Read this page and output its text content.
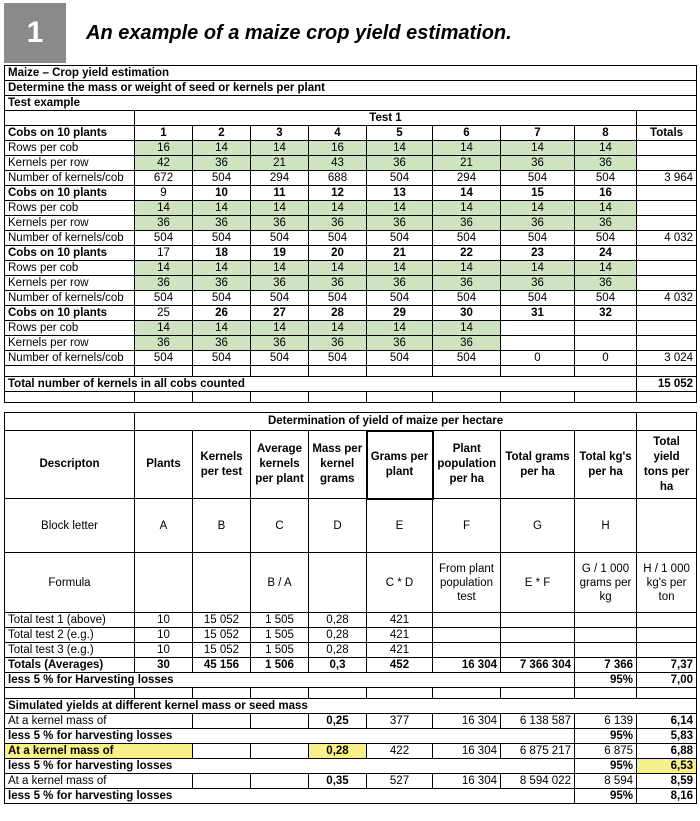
1	An example of a maize crop yield estimation.
Maize – Crop yield estimation									
Determine the mass or weight of seed or kernels per plant									
Test example									
	Test 1								
Cobs on 10 plants	1	2	3	4	5	6	7	8	Totals
Rows per cob	16	14	14	16	14	14	14	14	
Kernels per row	42	36	21	43	36	21	36	36	
Number of kernels/cob	672	504	294	688	504	294	504	504	3 964
Cobs on 10 plants	9	10	11	12	13	14	15	16	
Rows per cob	14	14	14	14	14	14	14	14	
Kernels per row	36	36	36	36	36	36	36	36	
Number of kernels/cob	504	504	504	504	504	504	504	504	4 032
Cobs on 10 plants	17	18	19	20	21	22	23	24	
Rows per cob	14	14	14	14	14	14	14	14	
Kernels per row	36	36	36	36	36	36	36	36	
Number of kernels/cob	504	504	504	504	504	504	504	504	4 032
Cobs on 10 plants	25	26	27	28	29	30	31	32	
Rows per cob	14	14	14	14	14	14			
Kernels per row	36	36	36	36	36	36			
Number of kernels/cob	504	504	504	504	504	504	0	0	3 024

Total number of kernels in all cobs counted									15 052

	Determination of yield of maize per hectare								
Descripton	Plants	Kernels per test	Average kernels per plant	Mass per kernel grams	Grams per plant	Plant population per ha	Total grams per ha	Total kg's per ha	Total yield tons per ha
Block letter	A	B	C	D	E	F	G	H	
Formula			B / A		C * D	From plant population test	E * F	G / 1 000 grams per kg	H / 1 000 kg's per ton
Total test 1 (above)	10	15 052	1 505	0,28	421				
Total test 2 (e.g.)	10	15 052	1 505	0,28	421				
Total test 3 (e.g.)	10	15 052	1 505	0,28	421				
Totals (Averages)	30	45 156	1 506	0,3	452	16 304	7 366 304	7 366	7,37
less 5 % for Harvesting losses								95%	7,00

Simulated yields at different kernel mass or seed mass									
At a kernel mass of				0,25	377	16 304	6 138 587	6 139	6,14
less 5 % for harvesting losses								95%	5,83
At a kernel mass of				0,28	422	16 304	6 875 217	6 875	6,88
less 5 % for harvesting losses								95%	6,53
At a kernel mass of				0,35	527	16 304	8 594 022	8 594	8,59
less 5 % for harvesting losses								95%	8,16
